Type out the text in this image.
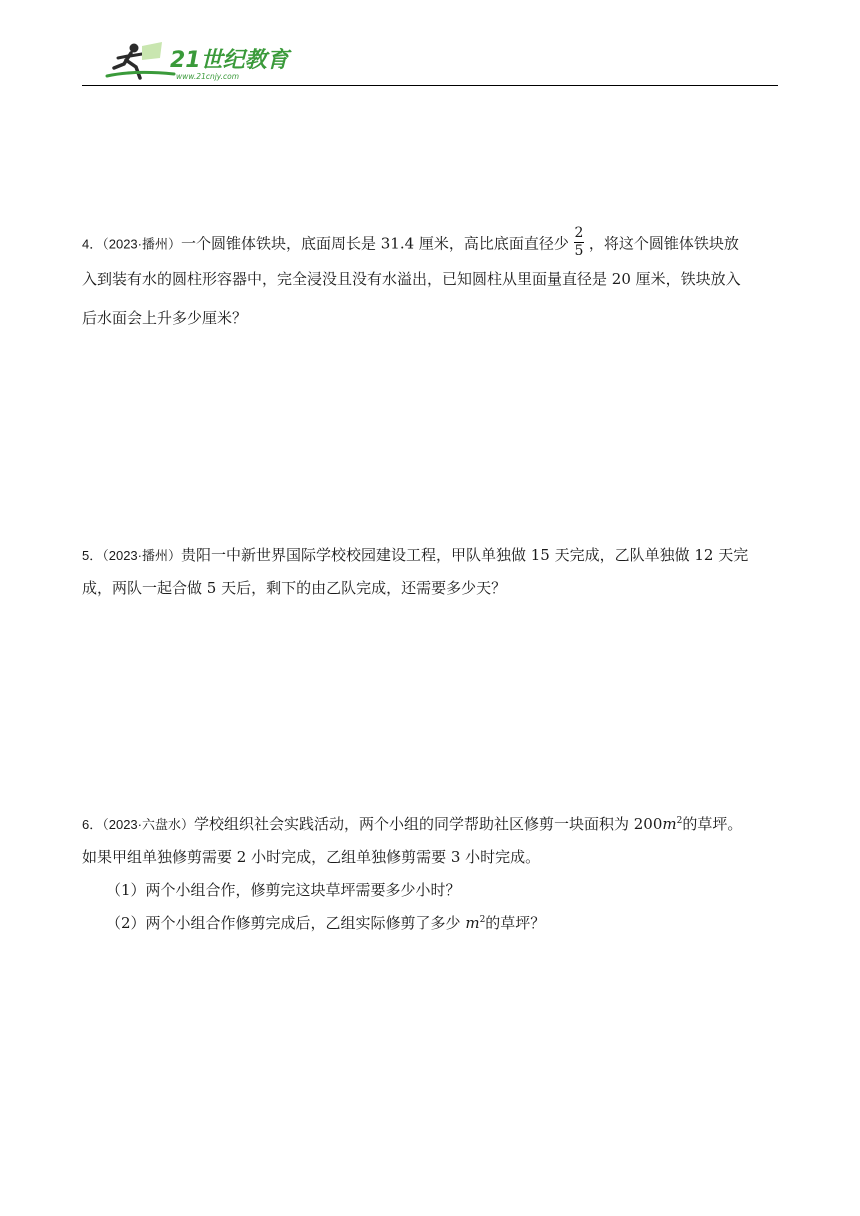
21世纪教育
www.21cnjy.com
4．（2023·播州）一个圆锥体铁块，底面周长是 31.4 厘米，高比底面直径少 $\frac{2}{5}$ ，将这个圆锥体铁块放
入到装有水的圆柱形容器中，完全浸没且没有水溢出，已知圆柱从里面量直径是 20 厘米，铁块放入
后水面会上升多少厘米？
5．（2023·播州）贵阳一中新世界国际学校校园建设工程，甲队单独做 15 天完成，乙队单独做 12 天完
成，两队一起合做 5 天后，剩下的由乙队完成，还需要多少天？
6．（2023·六盘水）学校组织社会实践活动，两个小组的同学帮助社区修剪一块面积为 $200m^2$的草坪。
如果甲组单独修剪需要 2 小时完成，乙组单独修剪需要 3 小时完成。
（1）两个小组合作，修剪完这块草坪需要多少小时？
（2）两个小组合作修剪完成后，乙组实际修剪了多少 $m^2$的草坪？
